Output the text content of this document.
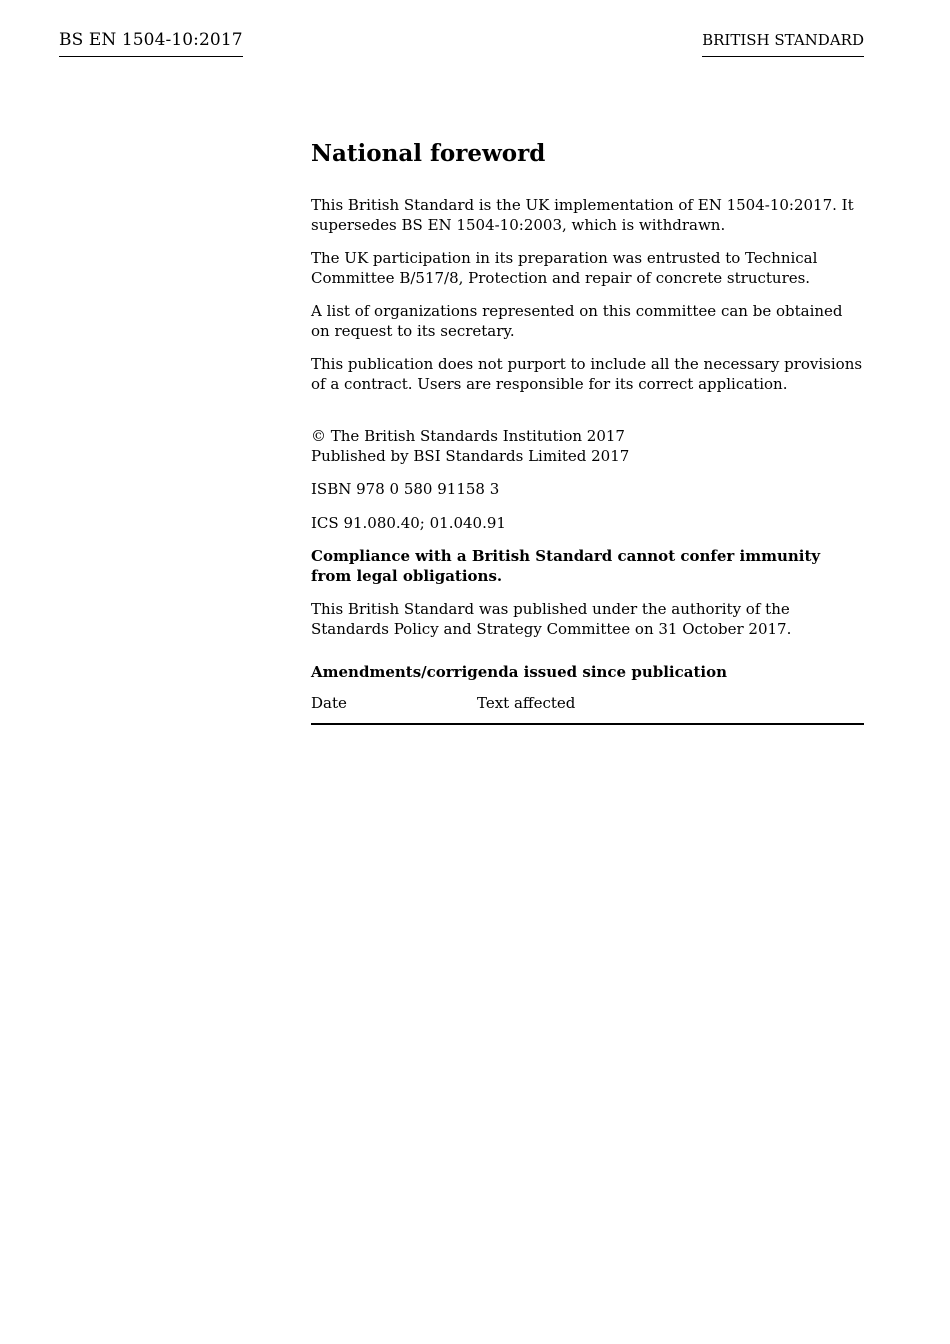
BS EN 1504-10:2017	BRITISH STANDARD
National foreword

This British Standard is the UK implementation of EN 1504-10:2017. It supersedes BS EN 1504-10:2003, which is withdrawn.

The UK participation in its preparation was entrusted to Technical Committee B/517/8, Protection and repair of concrete structures.

A list of organizations represented on this committee can be obtained on request to its secretary.

This publication does not purport to include all the necessary provisions of a contract. Users are responsible for its correct application.

© The British Standards Institution 2017

Published by BSI Standards Limited 2017

ISBN 978 0 580 91158 3

ICS 91.080.40; 01.040.91

Compliance with a British Standard cannot confer immunity from legal obligations.

This British Standard was published under the authority of the Standards Policy and Strategy Committee on 31 October 2017.

Amendments/corrigenda issued since publication
Date	Text affected
